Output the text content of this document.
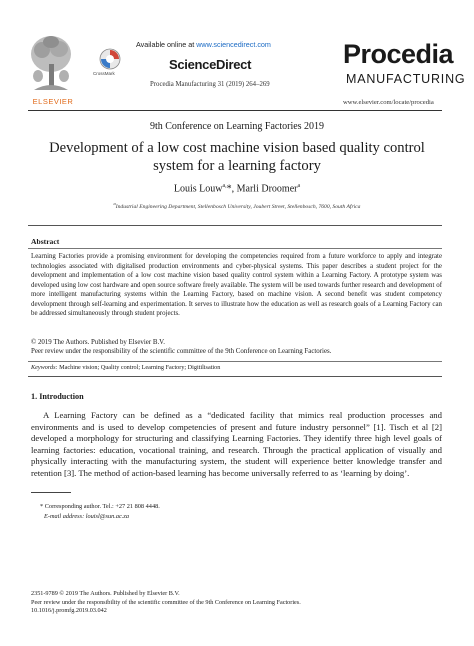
ELSEVIER
Available online at www.sciencedirect.com
CrossMark
ScienceDirect
Procedia Manufacturing 31 (2019) 264–269
Procedia
MANUFACTURING
www.elsevier.com/locate/procedia
9th Conference on Learning Factories 2019
Development of a low cost machine vision based quality control system for a learning factory
Louis Louw$^{a,}$*, Marli Droomer$^a$
$^a$Industrial Engineering Department, Stellenbosch University, Joubert Street, Stellenbosch, 7600, South Africa
Abstract
Learning Factories provide a promising environment for developing the competencies required from a future workforce to apply and integrate technologies associated with digitalised production environments and cyber-physical systems. This paper describes a student project for the development and implementation of a low cost machine vision based quality control system within a Learning Factory. A prototype system was developed using low cost hardware and open source software freely available. The system will be used towards further research and development of more intelligent manufacturing systems within the Learning Factory, based on machine vision. A second benefit was student competency development through self-learning and experimentation. It serves to illustrate how the education as well as research goals of a Learning Factory can be addressed simultaneously through student projects.
© 2019 The Authors. Published by Elsevier B.V.
Peer review under the responsibility of the scientific committee of the 9th Conference on Learning Factories.
Keywords: Machine vision; Quality control; Learning Factory; Digitilisation
1. Introduction
A Learning Factory can be defined as a “dedicated facility that mimics real production processes and environments and is used to develop competencies of present and future industry personnel” [1]. Tisch et al [2] developed a morphology for structuring and classifying Learning Factories. They identify three high level goals of learning factories: education, vocational training, and research. Through the practical application of visually and physically interacting with the manufacturing system, the student will experience better knowledge transfer and retention [3]. The method of action-based learning has become universally referred to as ‘learning by doing’.
* Corresponding author. Tel.: +27 21 808 4448.
E-mail address: louisl@sun.ac.za
2351-9789 © 2019 The Authors. Published by Elsevier B.V.
Peer review under the responsibility of the scientific committee of the 9th Conference on Learning Factories.
10.1016/j.promfg.2019.03.042
